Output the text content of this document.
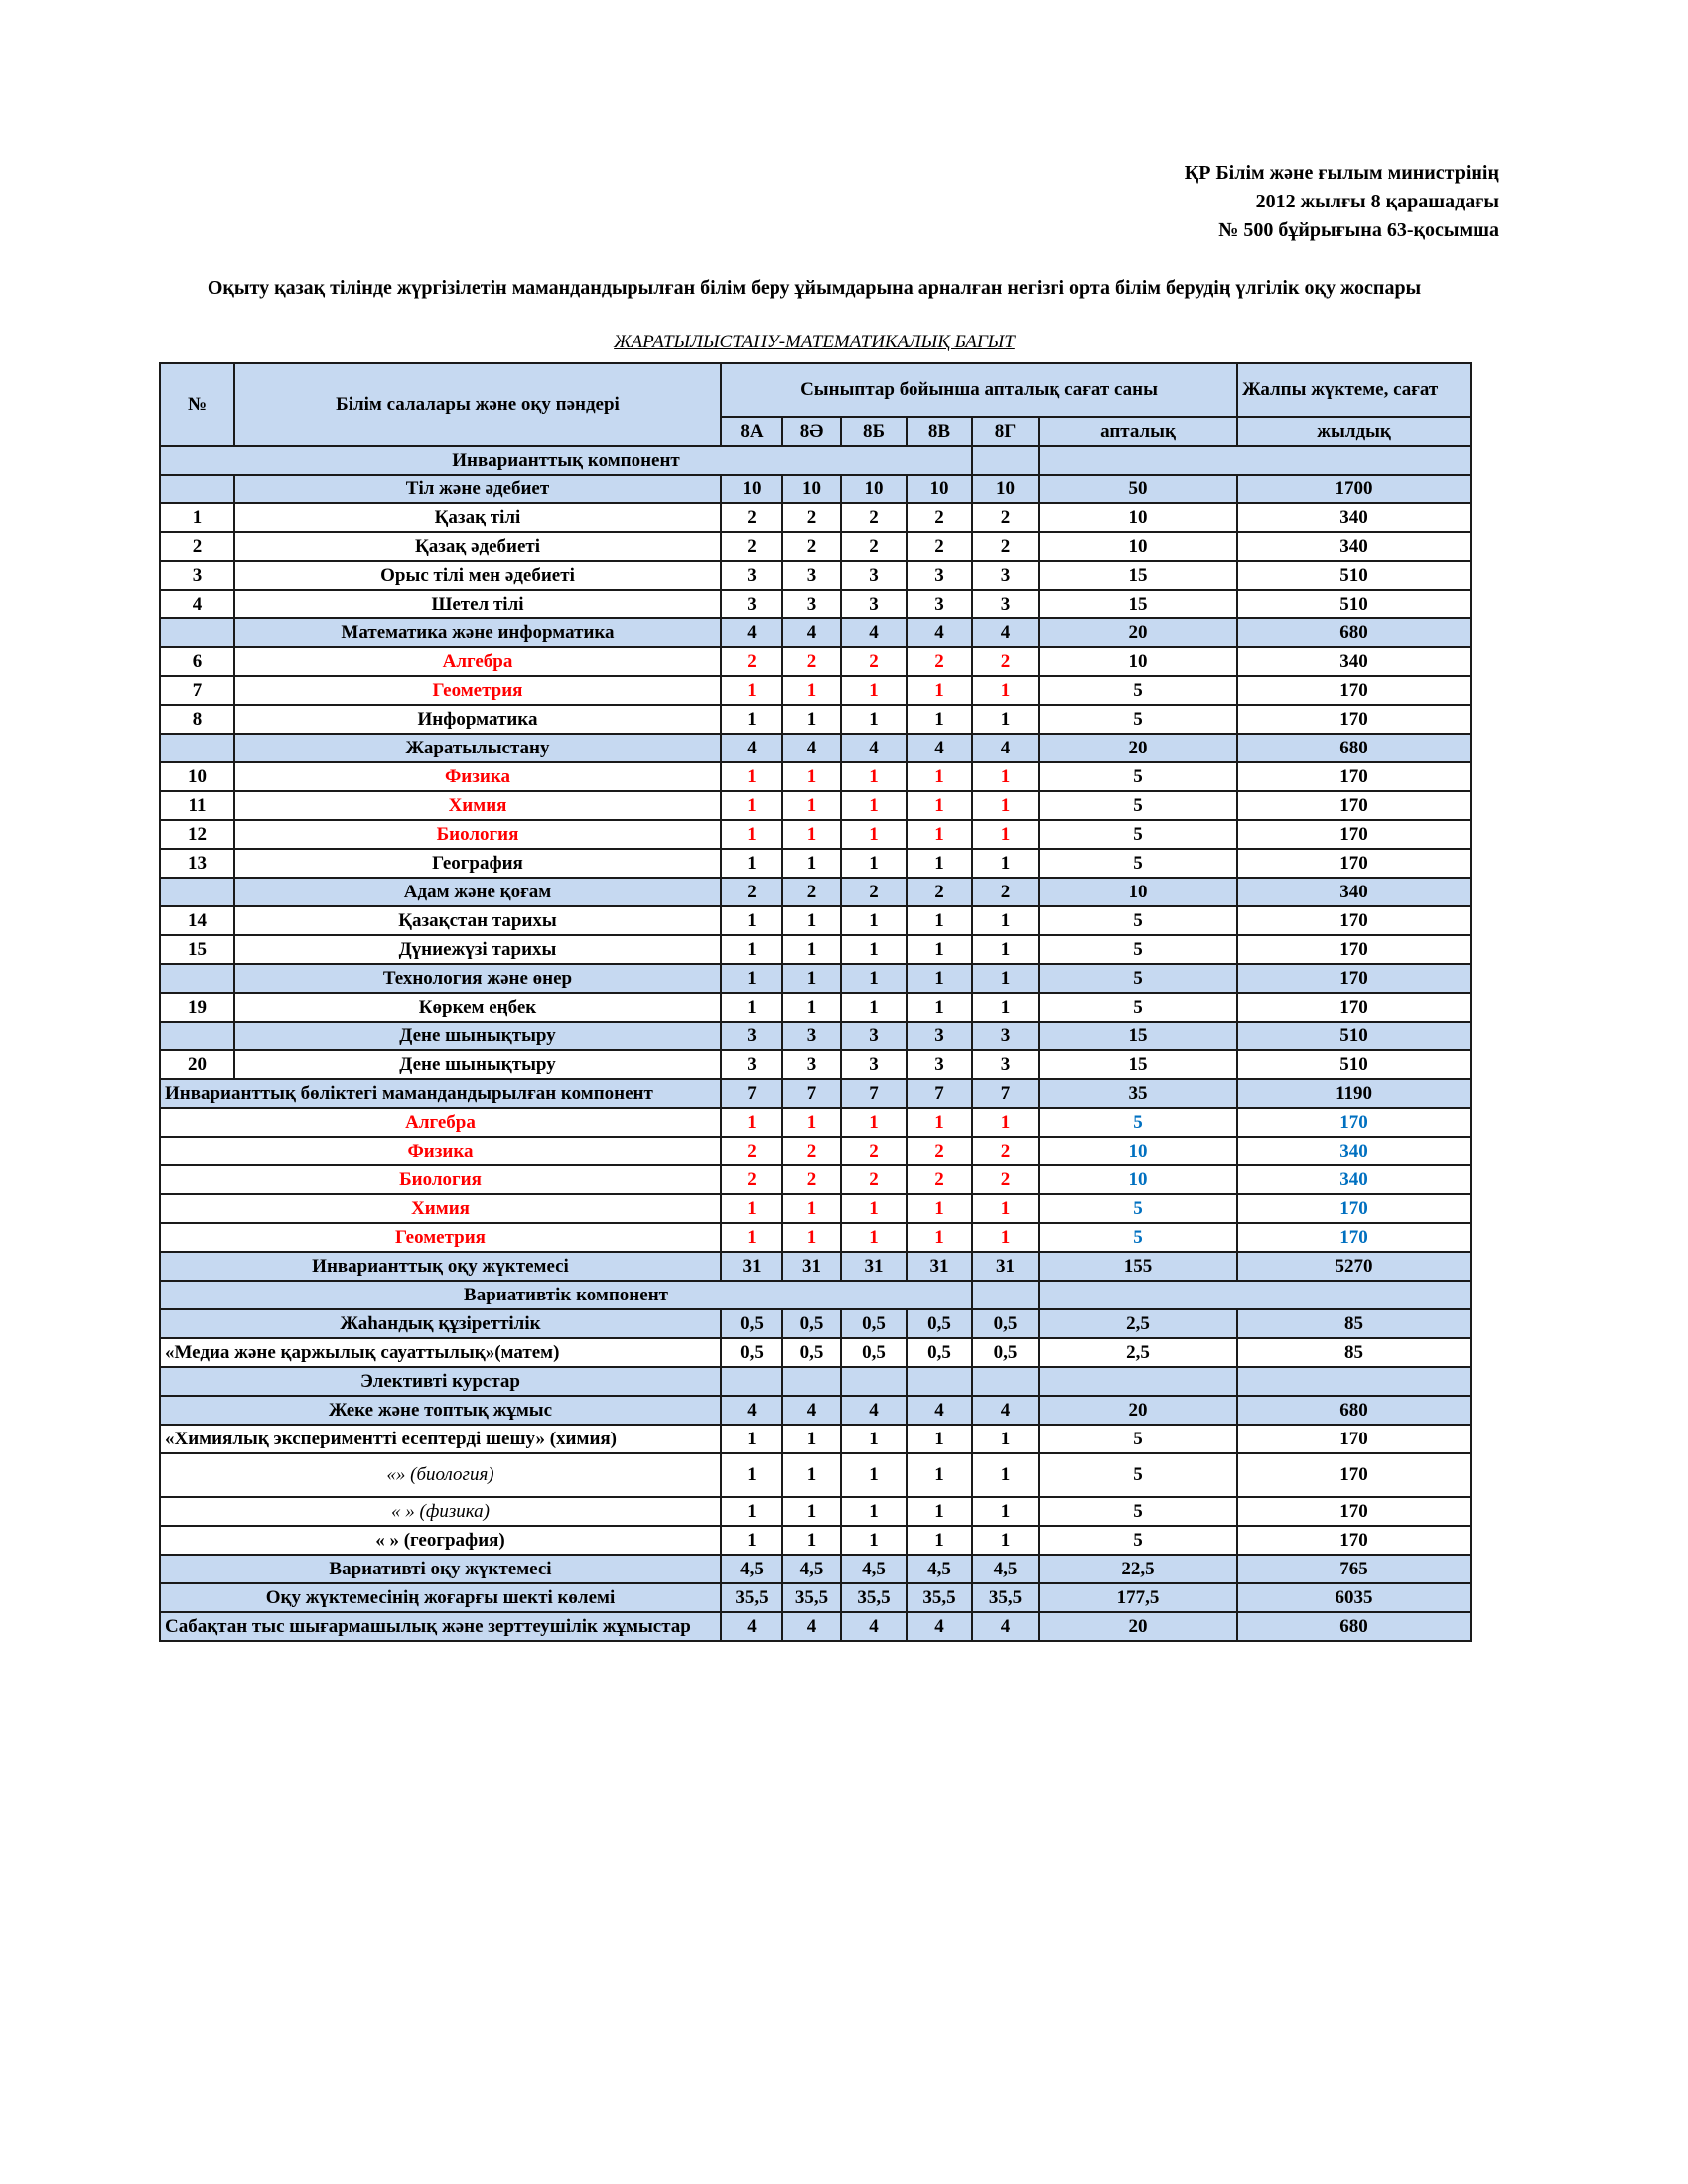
ҚР Білім және ғылым министрінің
2012 жылғы 8 қарашадағы
№ 500 бұйрығына 63-қосымша
Оқыту қазақ тілінде жүргізілетін мамандандырылған білім беру ұйымдарына арналған негізгі орта білім берудің үлгілік оқу жоспары
ЖАРАТЫЛЫСТАНУ-МАТЕМАТИКАЛЫҚ БАҒЫТ
№	Білім салалары және оқу пәндері	Сыныптар бойынша апталық сағат саны						Жалпы жүктеме, сағат
		8А	8Ә	8Б	8В	8Г	апталық	жылдық
Инварианттық компонент								
	Тіл және әдебиет	10	10	10	10	10	50	1700
1	Қазақ тілі	2	2	2	2	2	10	340
2	Қазақ әдебиеті	2	2	2	2	2	10	340
3	Орыс тілі мен әдебиеті	3	3	3	3	3	15	510
4	Шетел тілі	3	3	3	3	3	15	510
	Математика және информатика	4	4	4	4	4	20	680
6	Алгебра	2	2	2	2	2	10	340
7	Геометрия	1	1	1	1	1	5	170
8	Информатика	1	1	1	1	1	5	170
	Жаратылыстану	4	4	4	4	4	20	680
10	Физика	1	1	1	1	1	5	170
11	Химия	1	1	1	1	1	5	170
12	Биология	1	1	1	1	1	5	170
13	География	1	1	1	1	1	5	170
	Адам және қоғам	2	2	2	2	2	10	340
14	Қазақстан тарихы	1	1	1	1	1	5	170
15	Дүниежүзі тарихы	1	1	1	1	1	5	170
	Технология және өнер	1	1	1	1	1	5	170
19	Көркем еңбек	1	1	1	1	1	5	170
	Дене шынықтыру	3	3	3	3	3	15	510
20	Дене шынықтыру	3	3	3	3	3	15	510
Инварианттық бөліктегі мамандандырылған компонент		7	7	7	7	7	35	1190
Алгебра		1	1	1	1	1	5	170
Физика		2	2	2	2	2	10	340
Биология		2	2	2	2	2	10	340
Химия		1	1	1	1	1	5	170
Геометрия		1	1	1	1	1	5	170
Инварианттық оқу жүктемесі		31	31	31	31	31	155	5270
Вариативтік компонент								
Жаһандық құзіреттілік		0,5	0,5	0,5	0,5	0,5	2,5	85
«Медиа және қаржылық сауаттылық»(матем)		0,5	0,5	0,5	0,5	0,5	2,5	85
Элективті курстар								
Жеке және топтық жұмыс		4	4	4	4	4	20	680
«Химиялық экспериментті есептерді шешу» (химия)		1	1	1	1	1	5	170
«» (биология)		1	1	1	1	1	5	170
« » (физика)		1	1	1	1	1	5	170
« » (география)		1	1	1	1	1	5	170
Вариативті оқу жүктемесі		4,5	4,5	4,5	4,5	4,5	22,5	765
Оқу жүктемесінің жоғарғы шекті көлемі		35,5	35,5	35,5	35,5	35,5	177,5	6035
Сабақтан тыс шығармашылық және зерттеушілік жұмыстар		4	4	4	4	4	20	680
